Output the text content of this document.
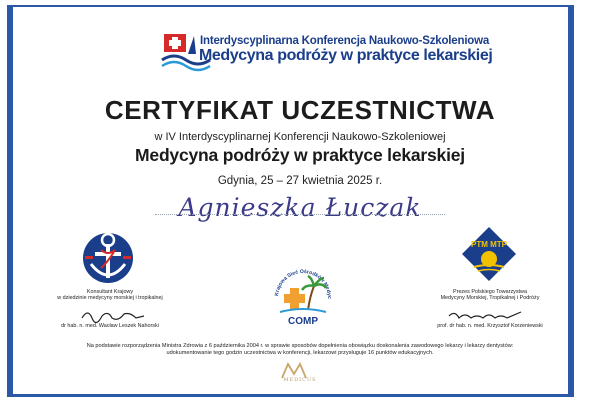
Interdyscyplinarna Konferencja Naukowo-Szkoleniowa
Medycyna podróży w praktyce lekarskiej
CERTYFIKAT UCZESTNICTWA
w IV Interdyscyplinarnej Konferencji Naukowo-Szkoleniowej
Medycyna podróży w praktyce lekarskiej
Gdynia, 25 – 27 kwietnia 2025 r.
Agnieszka Łuczak
Krajowa Sieć Ośrodków Medyc
COMP
PTM MTP
Konsultant Krajowy
w dziedzinie medycyny morskiej i tropikalnej
dr hab. n. med. Wacław Leszek Nahorski
Prezes Polskiego Towarzystwa
Medycyny Morskiej, Tropikalnej i Podróży
prof. dr hab. n. med. Krzysztof Korzeniewski
Na podstawie rozporządzenia Ministra Zdrowia z 6 października 2004 r. w sprawie sposobów dopełnienia obowiązku doskonalenia zawodowego lekarzy i lekarzy dentystów:
udokumentowanie tego godzin uczestnictwa w konferencji, lekarzowi przysługuje 16 punktów edukacyjnych.
MEDICUS
